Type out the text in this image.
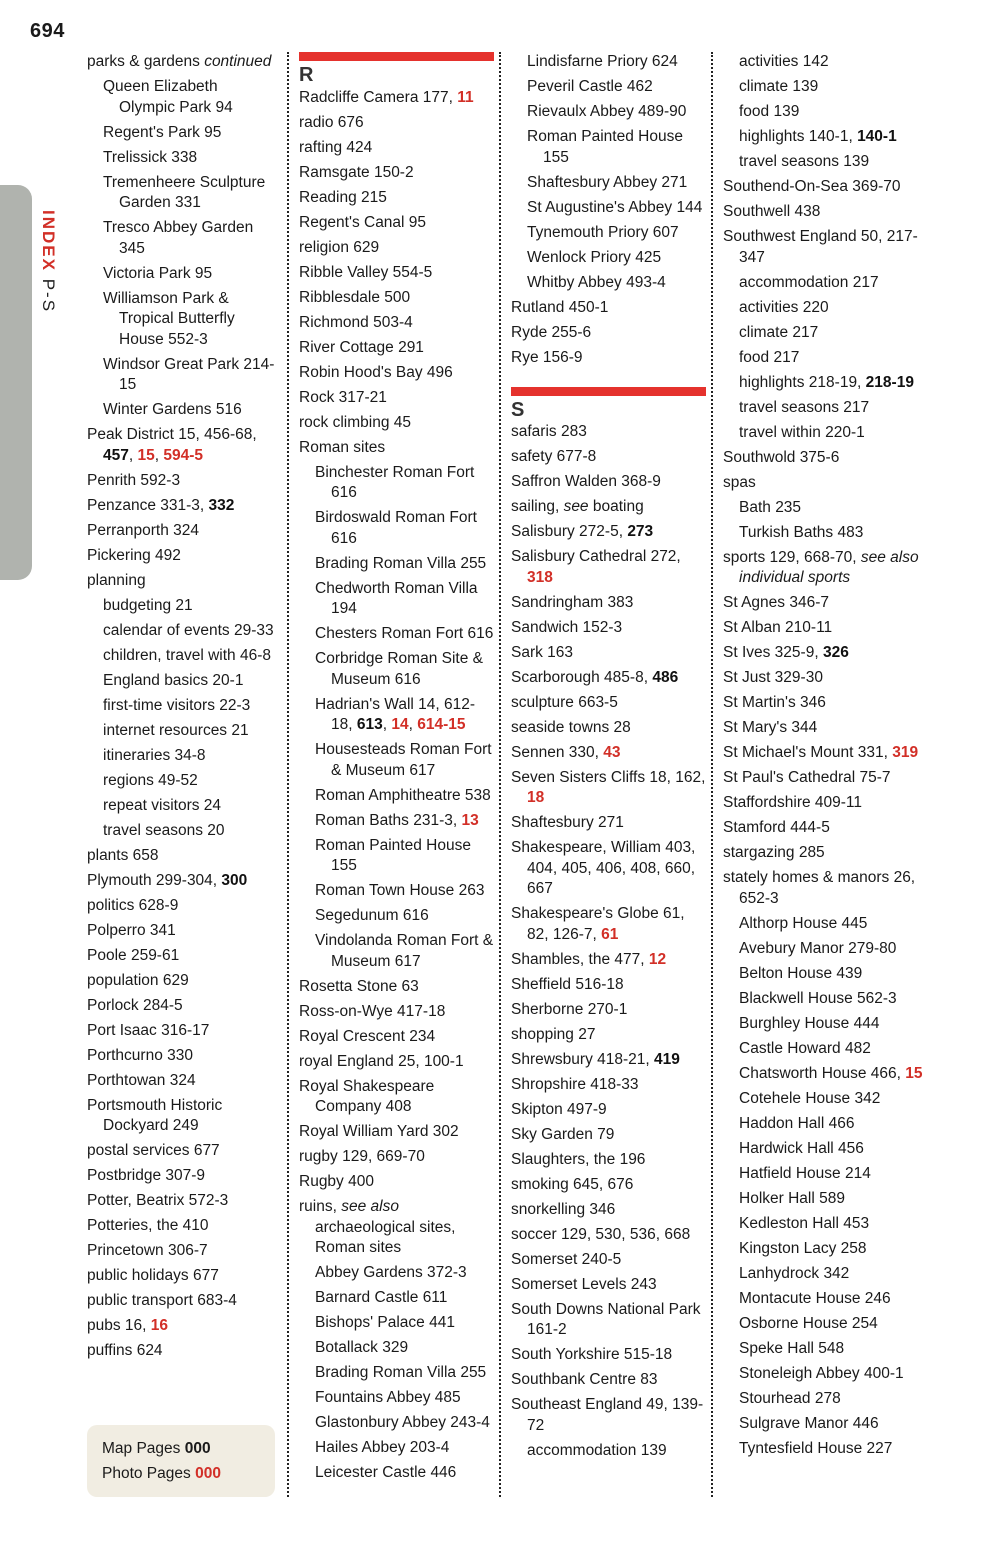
694
INDEX P-S
parks & gardens continued
Queen Elizabeth Olympic Park 94
Regent's Park 95
Trelissick 338
Tremenheere Sculpture Garden 331
Tresco Abbey Garden 345
Victoria Park 95
Williamson Park & Tropical Butterfly House 552-3
Windsor Great Park 214-15
Winter Gardens 516
Peak District 15, 456-68, 457, 15, 594-5
Penrith 592-3
Penzance 331-3, 332
Perranporth 324
Pickering 492
planning
budgeting 21
calendar of events 29-33
children, travel with 46-8
England basics 20-1
first-time visitors 22-3
internet resources 21
itineraries 34-8
regions 49-52
repeat visitors 24
travel seasons 20
plants 658
Plymouth 299-304, 300
politics 628-9
Polperro 341
Poole 259-61
population 629
Porlock 284-5
Port Isaac 316-17
Porthcurno 330
Porthtowan 324
Portsmouth Historic Dockyard 249
postal services 677
Postbridge 307-9
Potter, Beatrix 572-3
Potteries, the 410
Princetown 306-7
public holidays 677
public transport 683-4
pubs 16, 16
puffins 624
R
Radcliffe Camera 177, 11
radio 676
rafting 424
Ramsgate 150-2
Reading 215
Regent's Canal 95
religion 629
Ribble Valley 554-5
Ribblesdale 500
Richmond 503-4
River Cottage 291
Robin Hood's Bay 496
Rock 317-21
rock climbing 45
Roman sites
Binchester Roman Fort 616
Birdoswald Roman Fort 616
Brading Roman Villa 255
Chedworth Roman Villa 194
Chesters Roman Fort 616
Corbridge Roman Site & Museum 616
Hadrian's Wall 14, 612-18, 613, 14, 614-15
Housesteads Roman Fort & Museum 617
Roman Amphitheatre 538
Roman Baths 231-3, 13
Roman Painted House 155
Roman Town House 263
Segedunum 616
Vindolanda Roman Fort & Museum 617
Rosetta Stone 63
Ross-on-Wye 417-18
Royal Crescent 234
royal England 25, 100-1
Royal Shakespeare Company 408
Royal William Yard 302
rugby 129, 669-70
Rugby 400
ruins, see also archaeological sites, Roman sites
Abbey Gardens 372-3
Barnard Castle 611
Bishops' Palace 441
Botallack 329
Brading Roman Villa 255
Fountains Abbey 485
Glastonbury Abbey 243-4
Hailes Abbey 203-4
Leicester Castle 446
Lindisfarne Priory 624
Peveril Castle 462
Rievaulx Abbey 489-90
Roman Painted House 155
Shaftesbury Abbey 271
St Augustine's Abbey 144
Tynemouth Priory 607
Wenlock Priory 425
Whitby Abbey 493-4
Rutland 450-1
Ryde 255-6
Rye 156-9
S
safaris 283
safety 677-8
Saffron Walden 368-9
sailing, see boating
Salisbury 272-5, 273
Salisbury Cathedral 272, 318
Sandringham 383
Sandwich 152-3
Sark 163
Scarborough 485-8, 486
sculpture 663-5
seaside towns 28
Sennen 330, 43
Seven Sisters Cliffs 18, 162, 18
Shaftesbury 271
Shakespeare, William 403, 404, 405, 406, 408, 660, 667
Shakespeare's Globe 61, 82, 126-7, 61
Shambles, the 477, 12
Sheffield 516-18
Sherborne 270-1
shopping 27
Shrewsbury 418-21, 419
Shropshire 418-33
Skipton 497-9
Sky Garden 79
Slaughters, the 196
smoking 645, 676
snorkelling 346
soccer 129, 530, 536, 668
Somerset 240-5
Somerset Levels 243
South Downs National Park 161-2
South Yorkshire 515-18
Southbank Centre 83
Southeast England 49, 139-72
accommodation 139
activities 142
climate 139
food 139
highlights 140-1, 140-1
travel seasons 139
Southend-On-Sea 369-70
Southwell 438
Southwest England 50, 217-347
accommodation 217
activities 220
climate 217
food 217
highlights 218-19, 218-19
travel seasons 217
travel within 220-1
Southwold 375-6
spas
Bath 235
Turkish Baths 483
sports 129, 668-70, see also individual sports
St Agnes 346-7
St Alban 210-11
St Ives 325-9, 326
St Just 329-30
St Martin's 346
St Mary's 344
St Michael's Mount 331, 319
St Paul's Cathedral 75-7
Staffordshire 409-11
Stamford 444-5
stargazing 285
stately homes & manors 26, 652-3
Althorp House 445
Avebury Manor 279-80
Belton House 439
Blackwell House 562-3
Burghley House 444
Castle Howard 482
Chatsworth House 466, 15
Cotehele House 342
Haddon Hall 466
Hardwick Hall 456
Hatfield House 214
Holker Hall 589
Kedleston Hall 453
Kingston Lacy 258
Lanhydrock 342
Montacute House 246
Osborne House 254
Speke Hall 548
Stoneleigh Abbey 400-1
Stourhead 278
Sulgrave Manor 446
Tyntesfield House 227
Map Pages 000
Photo Pages 000
